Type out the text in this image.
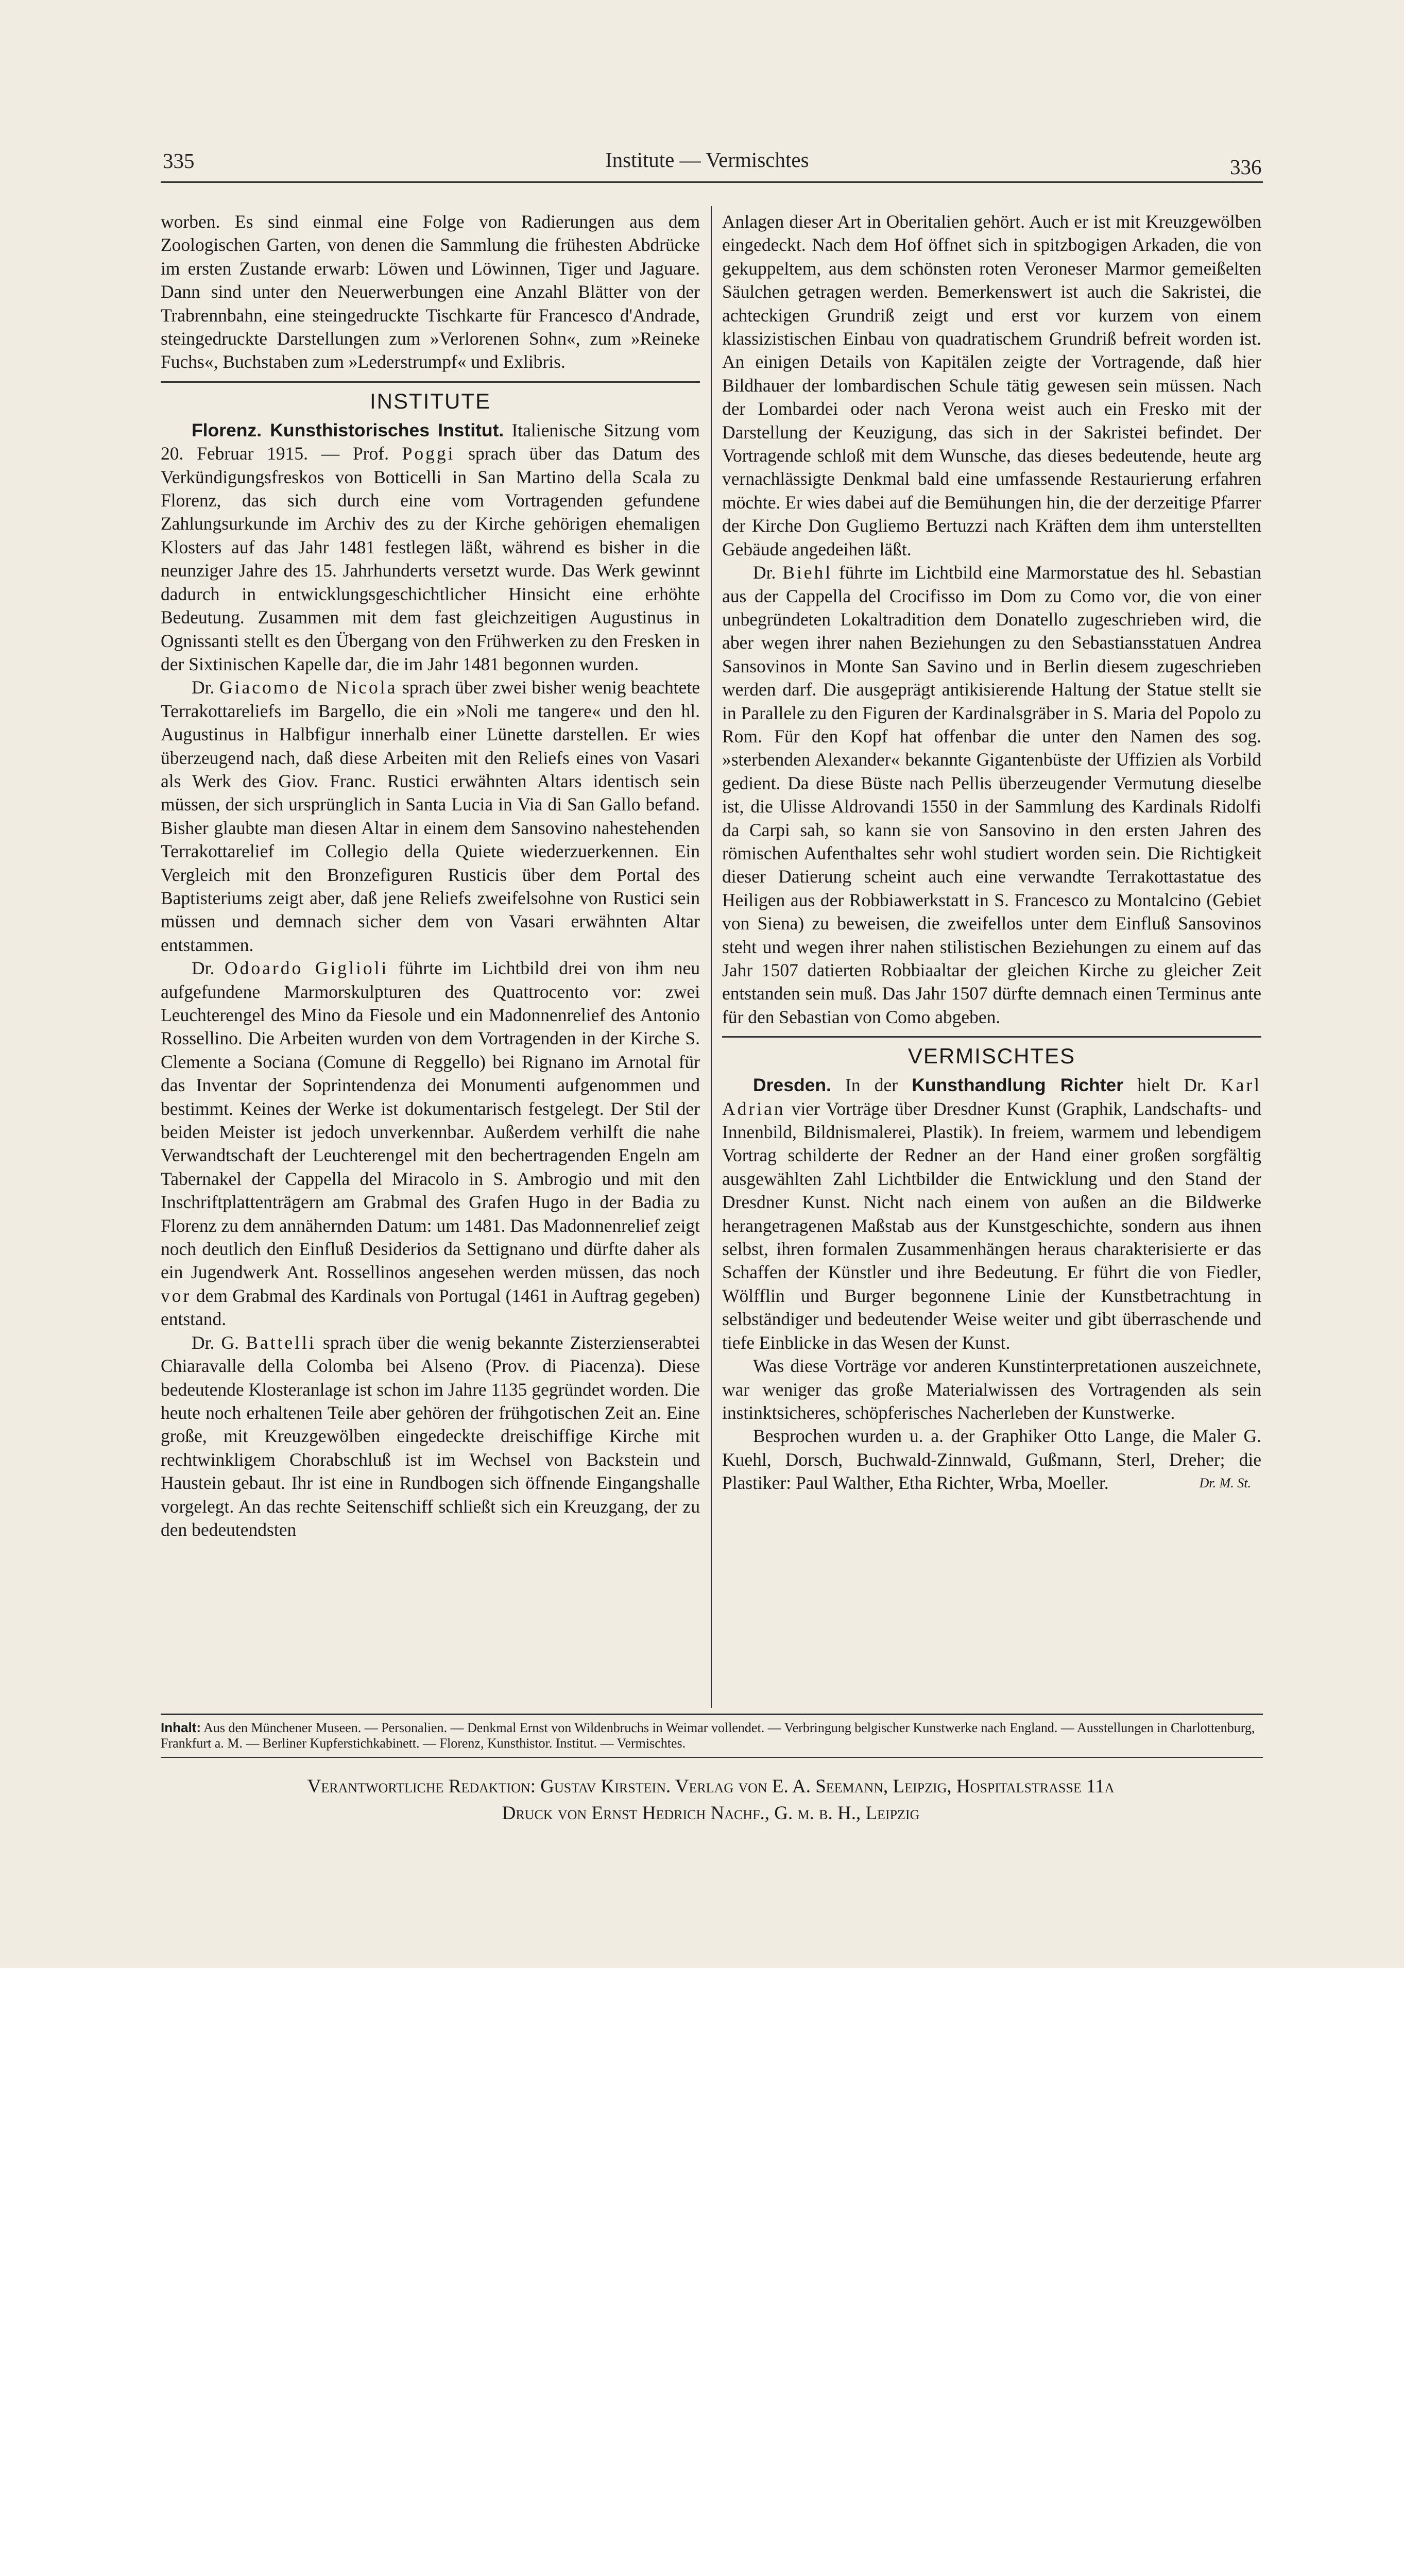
335	Institute — Vermischtes	336

worben. Es sind einmal eine Folge von Radierungen aus dem Zoologischen Garten, von denen die Sammlung die frühesten Abdrücke im ersten Zustande erwarb: Löwen und Löwinnen, Tiger und Jaguare. Dann sind unter den Neuerwerbungen eine Anzahl Blätter von der Trabrennbahn, eine steingedruckte Tischkarte für Francesco d'Andrade, steingedruckte Darstellungen zum »Verlorenen Sohn«, zum »Reineke Fuchs«, Buchstaben zum »Lederstrumpf« und Exlibris.

INSTITUTE

Florenz. Kunsthistorisches Institut. Italienische Sitzung vom 20. Februar 1915. — Prof. Poggi sprach über das Datum des Verkündigungsfreskos von Botticelli in San Martino della Scala zu Florenz, das sich durch eine vom Vortragenden gefundene Zahlungsurkunde im Archiv des zu der Kirche gehörigen ehemaligen Klosters auf das Jahr 1481 festlegen läßt, während es bisher in die neunziger Jahre des 15. Jahrhunderts versetzt wurde. Das Werk gewinnt dadurch in entwicklungsgeschichtlicher Hinsicht eine erhöhte Bedeutung. Zusammen mit dem fast gleichzeitigen Augustinus in Ognissanti stellt es den Übergang von den Frühwerken zu den Fresken in der Sixtinischen Kapelle dar, die im Jahr 1481 begonnen wurden.

Dr. Giacomo de Nicola sprach über zwei bisher wenig beachtete Terrakottareliefs im Bargello, die ein »Noli me tangere« und den hl. Augustinus in Halbfigur innerhalb einer Lünette darstellen. Er wies überzeugend nach, daß diese Arbeiten mit den Reliefs eines von Vasari als Werk des Giov. Franc. Rustici erwähnten Altars identisch sein müssen, der sich ursprünglich in Santa Lucia in Via di San Gallo befand. Bisher glaubte man diesen Altar in einem dem Sansovino nahestehenden Terrakottarelief im Collegio della Quiete wiederzuerkennen. Ein Vergleich mit den Bronzefiguren Rusticis über dem Portal des Baptisteriums zeigt aber, daß jene Reliefs zweifelsohne von Rustici sein müssen und demnach sicher dem von Vasari erwähnten Altar entstammen.

Dr. Odoardo Giglioli führte im Lichtbild drei von ihm neu aufgefundene Marmorskulpturen des Quattrocento vor: zwei Leuchterengel des Mino da Fiesole und ein Madonnenrelief des Antonio Rossellino. Die Arbeiten wurden von dem Vortragenden in der Kirche S. Clemente a Sociana (Comune di Reggello) bei Rignano im Arnotal für das Inventar der Soprintendenza dei Monumenti aufgenommen und bestimmt. Keines der Werke ist dokumentarisch festgelegt. Der Stil der beiden Meister ist jedoch unverkennbar. Außerdem verhilft die nahe Verwandtschaft der Leuchterengel mit den bechertragenden Engeln am Tabernakel der Cappella del Miracolo in S. Ambrogio und mit den Inschriftplattenträgern am Grabmal des Grafen Hugo in der Badia zu Florenz zu dem annähernden Datum: um 1481. Das Madonnenrelief zeigt noch deutlich den Einfluß Desiderios da Settignano und dürfte daher als ein Jugendwerk Ant. Rossellinos angesehen werden müssen, das noch vor dem Grabmal des Kardinals von Portugal (1461 in Auftrag gegeben) entstand.

Dr. G. Battelli sprach über die wenig bekannte Zisterzienserabtei Chiaravalle della Colomba bei Alseno (Prov. di Piacenza). Diese bedeutende Klosteranlage ist schon im Jahre 1135 gegründet worden. Die heute noch erhaltenen Teile aber gehören der frühgotischen Zeit an. Eine große, mit Kreuzgewölben eingedeckte dreischiffige Kirche mit rechtwinkligem Chorabschluß ist im Wechsel von Backstein und Haustein gebaut. Ihr ist eine in Rundbogen sich öffnende Eingangshalle vorgelegt. An das rechte Seitenschiff schließt sich ein Kreuzgang, der zu den bedeutendsten

Anlagen dieser Art in Oberitalien gehört. Auch er ist mit Kreuzgewölben eingedeckt. Nach dem Hof öffnet sich in spitzbogigen Arkaden, die von gekuppeltem, aus dem schönsten roten Veroneser Marmor gemeißelten Säulchen getragen werden. Bemerkenswert ist auch die Sakristei, die achteckigen Grundriß zeigt und erst vor kurzem von einem klassizistischen Einbau von quadratischem Grundriß befreit worden ist. An einigen Details von Kapitälen zeigte der Vortragende, daß hier Bildhauer der lombardischen Schule tätig gewesen sein müssen. Nach der Lombardei oder nach Verona weist auch ein Fresko mit der Darstellung der Keuzigung, das sich in der Sakristei befindet. Der Vortragende schloß mit dem Wunsche, das dieses bedeutende, heute arg vernachlässigte Denkmal bald eine umfassende Restaurierung erfahren möchte. Er wies dabei auf die Bemühungen hin, die der derzeitige Pfarrer der Kirche Don Gugliemo Bertuzzi nach Kräften dem ihm unterstellten Gebäude angedeihen läßt.

Dr. Biehl führte im Lichtbild eine Marmorstatue des hl. Sebastian aus der Cappella del Crocifisso im Dom zu Como vor, die von einer unbegründeten Lokaltradition dem Donatello zugeschrieben wird, die aber wegen ihrer nahen Beziehungen zu den Sebastiansstatuen Andrea Sansovinos in Monte San Savino und in Berlin diesem zugeschrieben werden darf. Die ausgeprägt antikisierende Haltung der Statue stellt sie in Parallele zu den Figuren der Kardinalsgräber in S. Maria del Popolo zu Rom. Für den Kopf hat offenbar die unter den Namen des sog. »sterbenden Alexander« bekannte Gigantenbüste der Uffizien als Vorbild gedient. Da diese Büste nach Pellis überzeugender Vermutung dieselbe ist, die Ulisse Aldrovandi 1550 in der Sammlung des Kardinals Ridolfi da Carpi sah, so kann sie von Sansovino in den ersten Jahren des römischen Aufenthaltes sehr wohl studiert worden sein. Die Richtigkeit dieser Datierung scheint auch eine verwandte Terrakottastatue des Heiligen aus der Robbiawerkstatt in S. Francesco zu Montalcino (Gebiet von Siena) zu beweisen, die zweifellos unter dem Einfluß Sansovinos steht und wegen ihrer nahen stilistischen Beziehungen zu einem auf das Jahr 1507 datierten Robbiaaltar der gleichen Kirche zu gleicher Zeit entstanden sein muß. Das Jahr 1507 dürfte demnach einen Terminus ante für den Sebastian von Como abgeben.

VERMISCHTES

Dresden. In der Kunsthandlung Richter hielt Dr. Karl Adrian vier Vorträge über Dresdner Kunst (Graphik, Landschafts- und Innenbild, Bildnismalerei, Plastik). In freiem, warmem und lebendigem Vortrag schilderte der Redner an der Hand einer großen sorgfältig ausgewählten Zahl Lichtbilder die Entwicklung und den Stand der Dresdner Kunst. Nicht nach einem von außen an die Bildwerke herangetragenen Maßstab aus der Kunstgeschichte, sondern aus ihnen selbst, ihren formalen Zusammenhängen heraus charakterisierte er das Schaffen der Künstler und ihre Bedeutung. Er führt die von Fiedler, Wölfflin und Burger begonnene Linie der Kunstbetrachtung in selbständiger und bedeutender Weise weiter und gibt überraschende und tiefe Einblicke in das Wesen der Kunst.

Was diese Vorträge vor anderen Kunstinterpretationen auszeichnete, war weniger das große Materialwissen des Vortragenden als sein instinktsicheres, schöpferisches Nacherleben der Kunstwerke.

Besprochen wurden u. a. der Graphiker Otto Lange, die Maler G. Kuehl, Dorsch, Buchwald-Zinnwald, Gußmann, Sterl, Dreher; die Plastiker: Paul Walther, Etha Richter, Wrba, Moeller.	Dr. M. St.

Inhalt: Aus den Münchener Museen. — Personalien. — Denkmal Ernst von Wildenbruchs in Weimar vollendet. — Verbringung belgischer Kunstwerke nach England. — Ausstellungen in Charlottenburg, Frankfurt a. M. — Berliner Kupferstichkabinett. — Florenz, Kunsthistor. Institut. — Vermischtes.
Verantwortliche Redaktion: Gustav Kirstein. Verlag von E. A. Seemann, Leipzig, Hospitalstraße 11a
Druck von Ernst Hedrich Nachf., G. m. b. H., Leipzig
